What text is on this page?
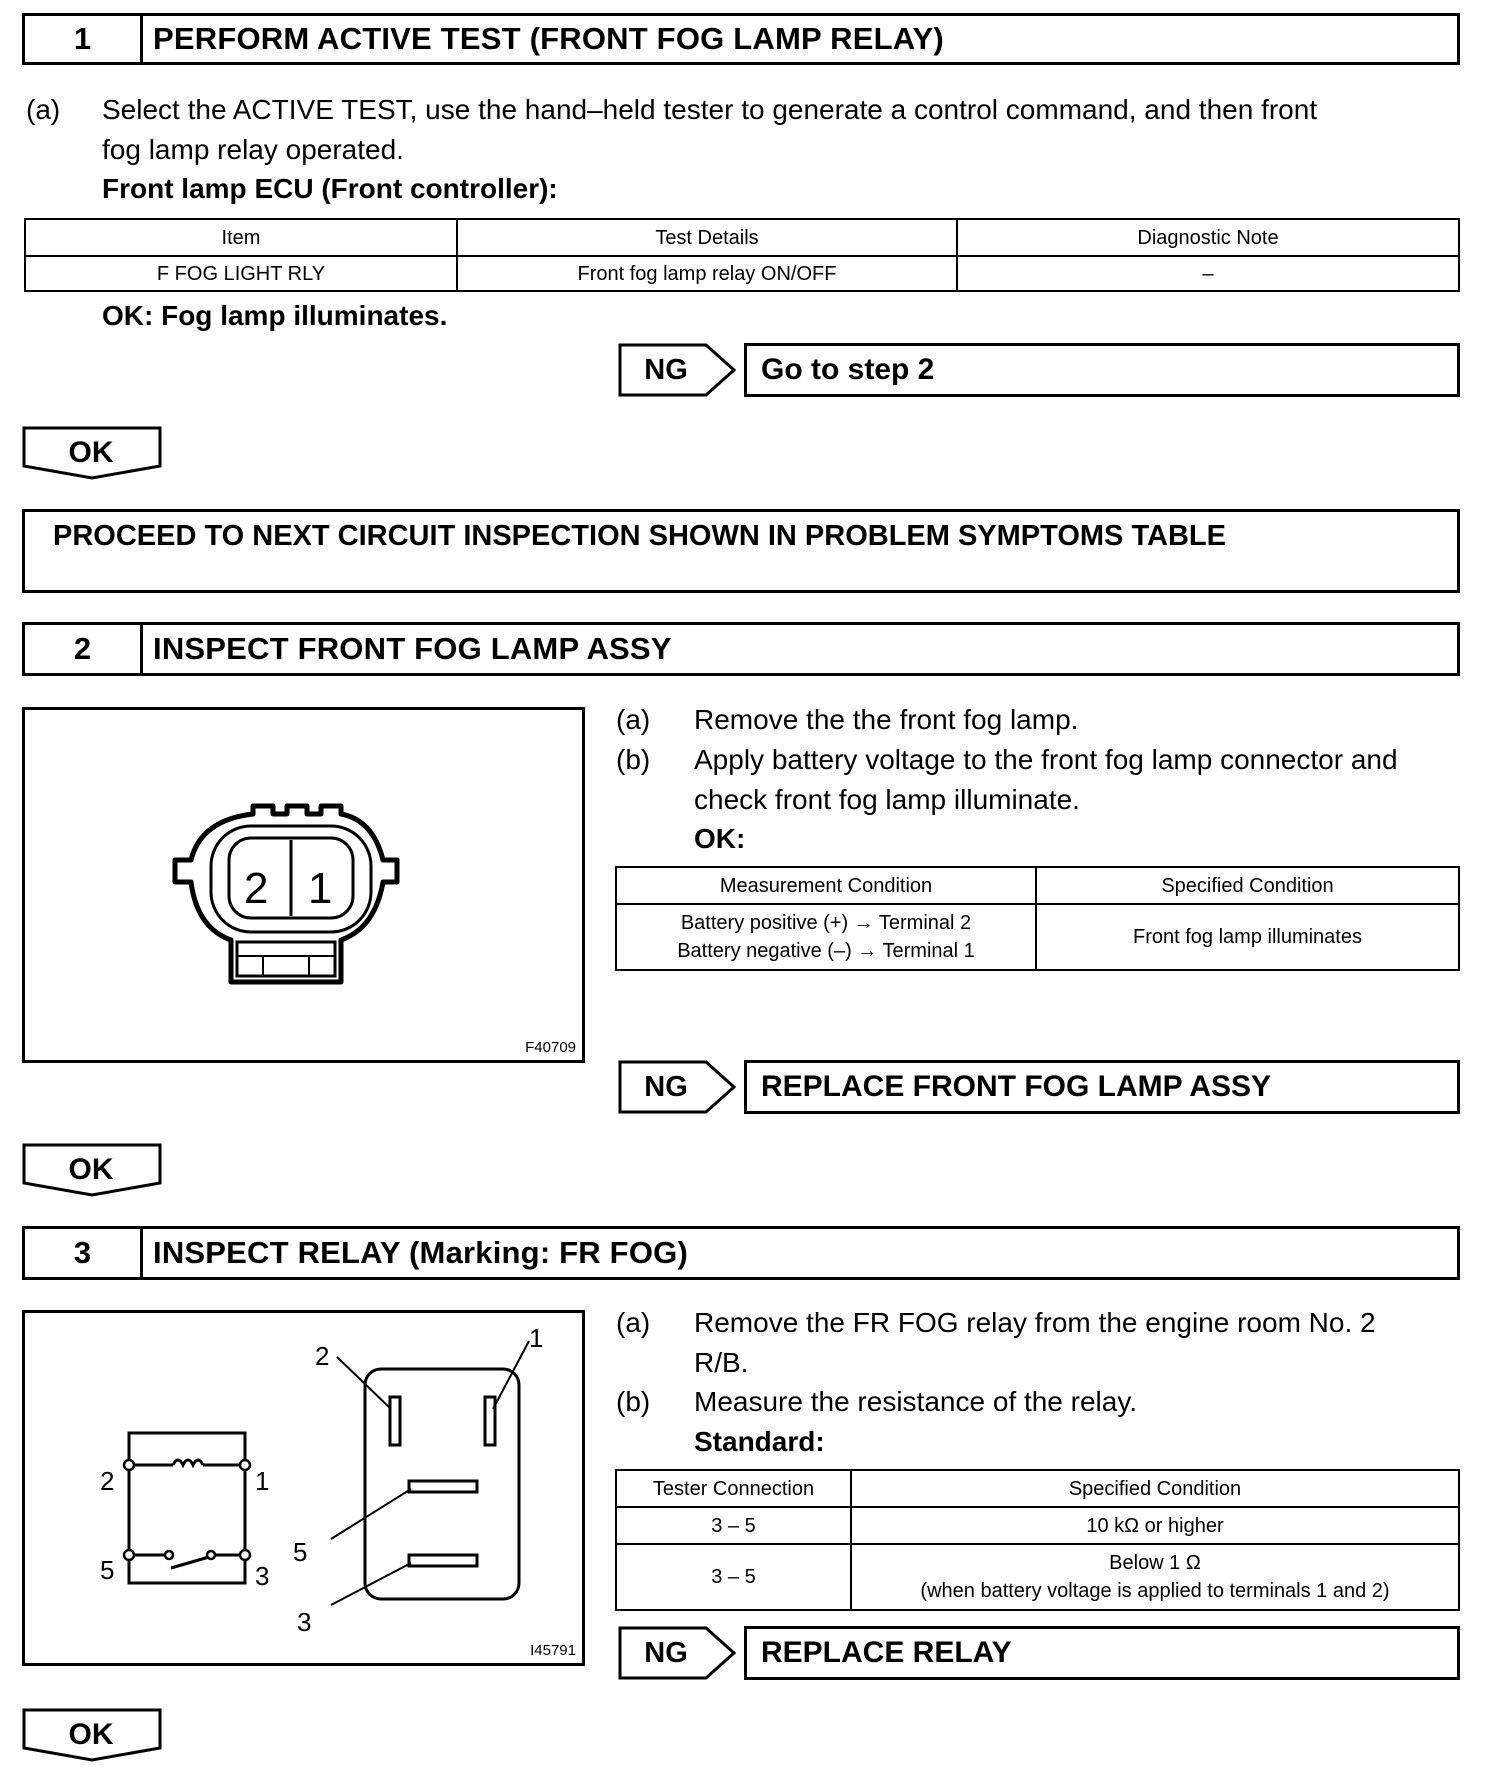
1	PERFORM ACTIVE TEST (FRONT FOG LAMP RELAY)
(a) Select the ACTIVE TEST, use the hand–held tester to generate a control command, and then front
fog lamp relay operated.
Front lamp ECU (Front controller):
Item	Test Details	Diagnostic Note
F FOG LIGHT RLY	Front fog lamp relay ON/OFF	–
OK: Fog lamp illuminates.
NG	Go to step 2
OK
PROCEED TO NEXT CIRCUIT INSPECTION SHOWN IN PROBLEM SYMPTOMS TABLE
2	INSPECT FRONT FOG LAMP ASSY
2 1
F40709
(a) Remove the the front fog lamp.
(b) Apply battery voltage to the front fog lamp connector and
check front fog lamp illuminate.
OK:
Measurement Condition	Specified Condition

Battery positive (+) → Terminal 2
Battery negative (–) → Terminal 1	Front fog lamp illuminates
NG	REPLACE FRONT FOG LAMP ASSY
OK
3	INSPECT RELAY (Marking: FR FOG)
2	1
5	3
2
1
5
3
I45791
(a) Remove the FR FOG relay from the engine room No. 2
R/B.
(b) Measure the resistance of the relay.
Standard:
Tester Connection	Specified Condition
3 – 5	10 kΩ or higher
3 – 5	Below 1 Ω
(when battery voltage is applied to terminals 1 and 2)
NG	REPLACE RELAY
OK
